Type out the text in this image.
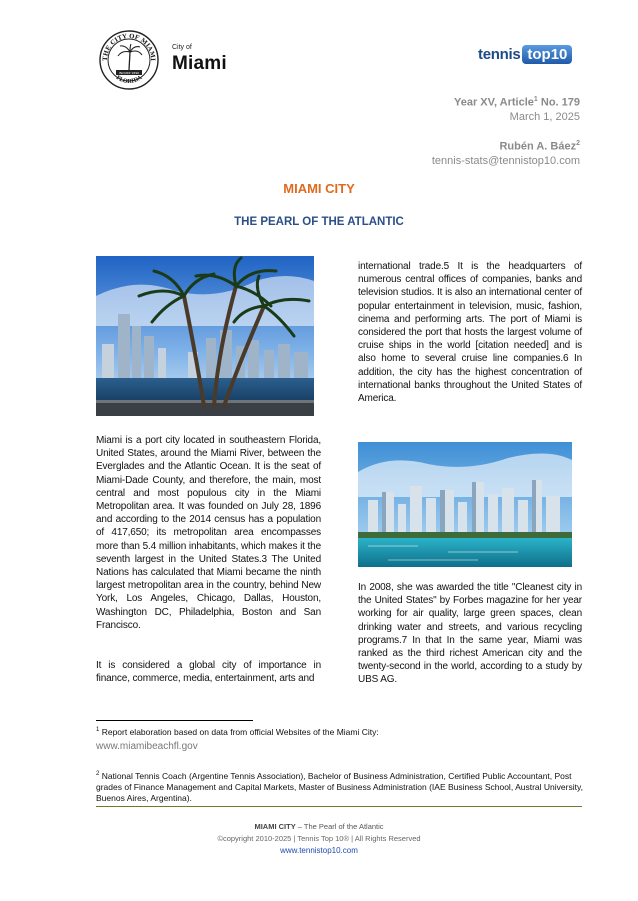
THE CITY OF MIAMI
FLORIDA
INCORP 1896
City of
Miami	tennis top10
Year XV, Article$^1$ No. 179
March 1, 2025
Rubén A. Báez$^2$
tennis-stats@tennistop10.com
MIAMI CITY
THE PEARL OF THE ATLANTIC
Miami is a port city located in southeastern Florida, United States, around the Miami River, between the Everglades and the Atlantic Ocean. It is the seat of Miami-Dade County, and therefore, the main, most central and most populous city in the Miami Metropolitan area. It was founded on July 28, 1896 and according to the 2014 census has a population of 417,650; its metropolitan area encompasses more than 5.4 million inhabitants, which makes it the seventh largest in the United States.3 The United Nations has calculated that Miami became the ninth largest metropolitan area in the country, behind New York, Los Angeles, Chicago, Dallas, Houston, Washington DC, Philadelphia, Boston and San Francisco.
It is considered a global city of importance in finance, commerce, media, entertainment, arts and
international trade.5 It is the headquarters of numerous central offices of companies, banks and television studios. It is also an international center of popular entertainment in television, music, fashion, cinema and performing arts. The port of Miami is considered the port that hosts the largest volume of cruise ships in the world [citation needed] and is also home to several cruise line companies.6 In addition, the city has the highest concentration of international banks throughout the United States of America.
In 2008, she was awarded the title "Cleanest city in the United States" by Forbes magazine for her year working for air quality, large green spaces, clean drinking water and streets, and various recycling programs.7 In that In the same year, Miami was ranked as the third richest American city and the twenty-second in the world, according to a study by UBS AG.
$^1$ Report elaboration based on data from official Websites of the Miami City:
www.miamibeachfl.gov
$^2$ National Tennis Coach (Argentine Tennis Association), Bachelor of Business Administration, Certified Public Accountant, Post grades of Finance Management and Capital Markets, Master of Business Administration (IAE Business School, Austral University, Buenos Aires, Argentina).
MIAMI CITY – The Pearl of the Atlantic
©copyright 2010-2025 | Tennis Top 10® | All Rights Reserved
www.tennistop10.com
